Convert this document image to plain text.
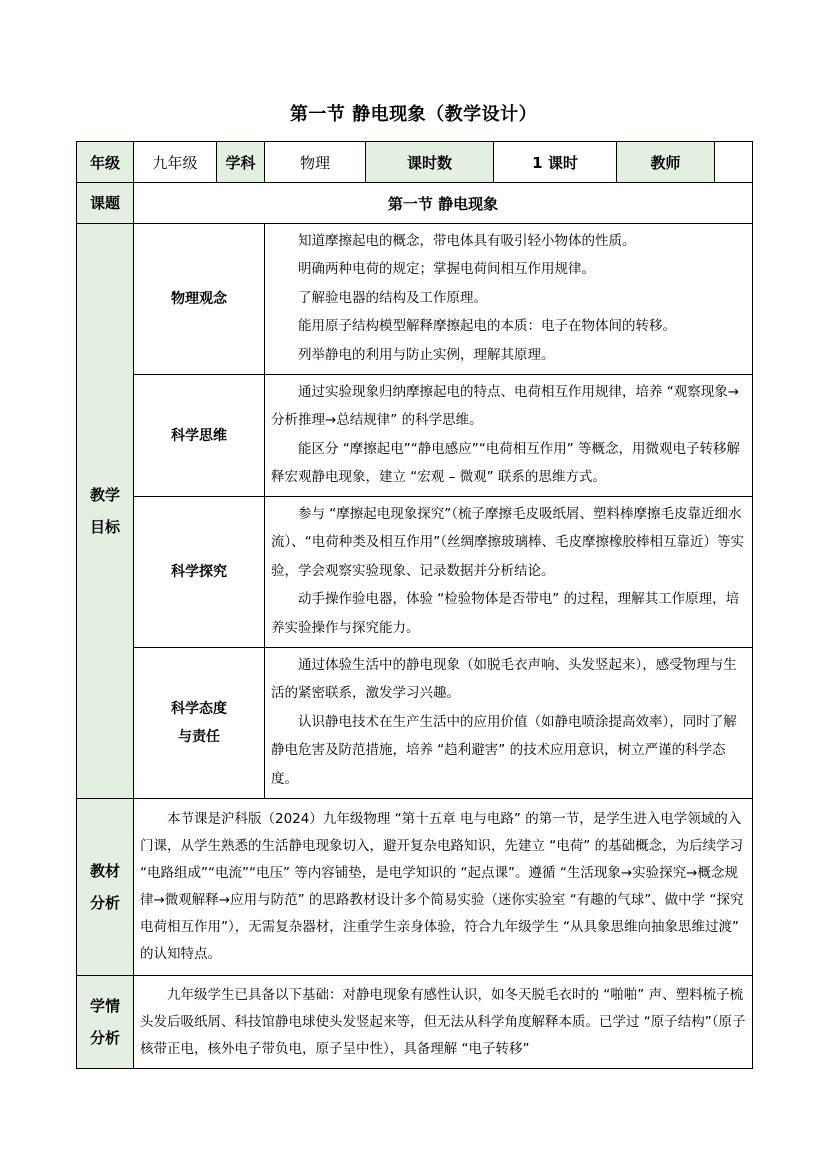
第一节 静电现象（教学设计）
年级	九年级	学科	物理	课时数	1 课时	教师	
课题	第一节 静电现象						
教学目标	物理观念		知道摩擦起电的概念，带电体具有吸引轻小物体的性质。

明确两种电荷的规定；掌握电荷间相互作用规律。

了解验电器的结构及工作原理。

能用原子结构模型解释摩擦起电的本质：电子在物体间的转移。

列举静电的利用与防止实例，理解其原理。				

	科学思维		通过实验现象归纳摩擦起电的特点、电荷相互作用规律，培养 “观察现象→分析推理→总结规律” 的科学思维。

能区分 “摩擦起电”“静电感应”“电荷相互作用” 等概念，用微观电子转移解释宏观静电现象，建立 “宏观 – 微观” 联系的思维方式。				

	科学探究		参与 “摩擦起电现象探究”（梳子摩擦毛皮吸纸屑、塑料棒摩擦毛皮靠近细水流）、“电荷种类及相互作用”（丝绸摩擦玻璃棒、毛皮摩擦橡胶棒相互靠近）等实验，学会观察实验现象、记录数据并分析结论。

动手操作验电器，体验 “检验物体是否带电” 的过程，理解其工作原理，培养实验操作与探究能力。				

	科学态度与责任		通过体验生活中的静电现象（如脱毛衣声响、头发竖起来），感受物理与生活的紧密联系，激发学习兴趣。

认识静电技术在生产生活中的应用价值（如静电喷涂提高效率），同时了解静电危害及防范措施，培养 “趋利避害” 的技术应用意识，树立严谨的科学态度。				

教材分析	本节课是沪科版（2024）九年级物理 “第十五章 电与电路” 的第一节，是学生进入电学领域的入门课，从学生熟悉的生活静电现象切入，避开复杂电路知识，先建立 “电荷” 的基础概念，为后续学习 “电路组成”“电流”“电压” 等内容铺垫，是电学知识的 “起点课”。遵循 “生活现象→实验探究→概念规律→微观解释→应用与防范” 的思路教材设计多个简易实验（迷你实验室 “有趣的气球”、做中学 “探究电荷相互作用”），无需复杂器材，注重学生亲身体验，符合九年级学生 “从具象思维向抽象思维过渡” 的认知特点。						

学情分析	九年级学生已具备以下基础：对静电现象有感性认识，如冬天脱毛衣时的 “啪啪” 声、塑料梳子梳头发后吸纸屑、科技馆静电球使头发竖起来等，但无法从科学角度解释本质。已学过 “原子结构”（原子核带正电，核外电子带负电，原子呈中性），具备理解 “电子转移”						
